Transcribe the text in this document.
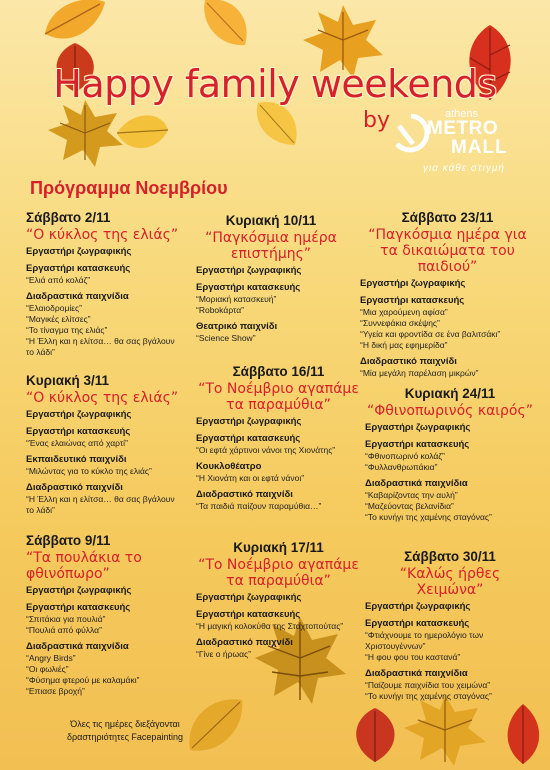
Happy family weekends
by	athens
METRO
MALL
για κάθε στιγμή
Πρόγραμμα Νοεμβρίου
Σάββατο 2/11
“Ο κύκλος της ελιάς”
Εργαστήρι ζωγραφικής
Εργαστήρι κατασκευής
“Ελιά από κολάζ”
Διαδραστικά παιχνίδια
“Ελαιοδρομίες”
“Μαγικές ελίτσες”
“Το τίναγμα της ελιάς”
“Η Έλλη και η ελίτσα… θα σας βγάλουν το λάδι”
Κυριακή 3/11
“Ο κύκλος της ελιάς”
Εργαστήρι ζωγραφικής
Εργαστήρι κατασκευής
“Ένας ελαιώνας από χαρτί”
Εκπαιδευτικό παιχνίδι
“Μιλώντας για το κύκλο της ελιάς”
Διαδραστικό παιχνίδι
“Η Έλλη και η ελίτσα… θα σας βγάλουν το λάδι”
Σάββατο 9/11
“Τα πουλάκια το φθινόπωρο”
Εργαστήρι ζωγραφικής
Εργαστήρι κατασκευής
“Σπιτάκια για πουλιά”
“Πουλιά από φύλλα”
Διαδραστικά παιχνίδια
“Angry Birds”
“Οι φωλιές”
“Φύσημα φτερού με καλαμάκι”
“Επιασε βροχή”
Κυριακή 10/11
“Παγκόσμια ημέρα επιστήμης”
Εργαστήρι ζωγραφικής
Εργαστήρι κατασκευής
“Μοριακή κατασκευή”
“Robokάρτα”
Θεατρικό παιχνίδι
“Science Show”
Σάββατο 16/11
“Το Νοέμβριο αγαπάμε τα παραμύθια”
Εργαστήρι ζωγραφικής
Εργαστήρι κατασκευής
“Οι εφτά χάρτινοι νάνοι της Χιονάτης”
Κουκλοθέατρο
“Η Χιονάτη και οι εφτά νάνοι”
Διαδραστικό παιχνίδι
“Τα παιδιά παίζουν παραμύθια…”
Κυριακή 17/11
“Το Νοέμβριο αγαπάμε τα παραμύθια”
Εργαστήρι ζωγραφικής
Εργαστήρι κατασκευής
“Η μαγική κολοκύθα της Σταχτοπούτας”
Διαδραστικό παιχνίδι
“Γίνε ο ήρωας”
Σάββατο 23/11
“Παγκόσμια ημέρα για τα δικαιώματα του παιδιού”
Εργαστήρι ζωγραφικής
Εργαστήρι κατασκευής
“Μια χαρούμενη αφίσα”
“Συννεφάκια σκέψης”
“Υγεία και φροντίδα σε ένα βαλιτσάκι”
“Η δική μας εφημερίδα”
Διαδραστικό παιχνίδι
“Μία μεγάλη παρέλαση μικρών”
Κυριακή 24/11
“Φθινοπωρινός καιρός”
Εργαστήρι ζωγραφικής
Εργαστήρι κατασκευής
“Φθινοπωρινό κολάζ”
“Φυλλανθρωπάκια”
Διαδραστικά παιχνίδια
“Καβαρίζοντας την αυλή”
“Μαζεύοντας βελανίδια”
“Το κυνήγι της χαμένης σταγόνας”
Σάββατο 30/11
“Καλώς ήρθες Χειμώνα”
Εργαστήρι ζωγραφικής
Εργαστήρι κατασκευής
“Φτιάχνουμε το ημερολόγιο των Χριστουγέννων”
“Η φου φου του καστανά”
Διαδραστικά παιχνίδια
“Παίζουμε παιχνίδια του χειμώνα”
“Το κυνήγι της χαμένης σταγόνας”
Όλες τις ημέρες διεξάγονται δραστηριότητες Facepainting
